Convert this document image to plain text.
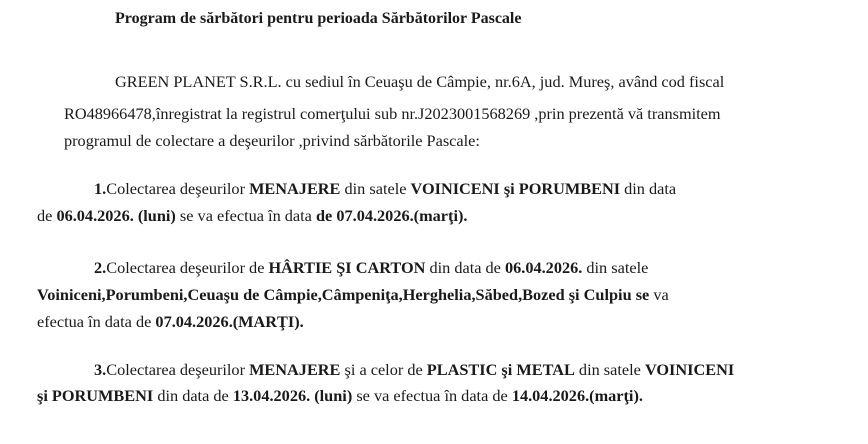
Program de sărbători pentru perioada Sărbătorilor Pascale
GREEN PLANET S.R.L. cu sediul în Ceuaşu de Câmpie, nr.6A, jud. Mureş, având cod fiscal
RO48966478,înregistrat la registrul comerţului sub nr.J2023001568269 ,prin prezentă vă transmitem
programul de colectare a deşeurilor ,privind sărbătorile Pascale:
1.Colectarea deşeurilor MENAJERE din satele VOINICENI şi PORUMBENI din data
de 06.04.2026. (luni) se va efectua în data de 07.04.2026.(marţi).
2.Colectarea deşeurilor de HÂRTIE ŞI CARTON din data de 06.04.2026. din satele
Voiniceni,Porumbeni,Ceuaşu de Câmpie,Câmpeniţa,Herghelia,Săbed,Bozed şi Culpiu se va
efectua în data de 07.04.2026.(MARŢI).
3.Colectarea deşeurilor MENAJERE şi a celor de PLASTIC şi METAL din satele VOINICENI
şi PORUMBENI din data de 13.04.2026. (luni) se va efectua în data de 14.04.2026.(marţi).
